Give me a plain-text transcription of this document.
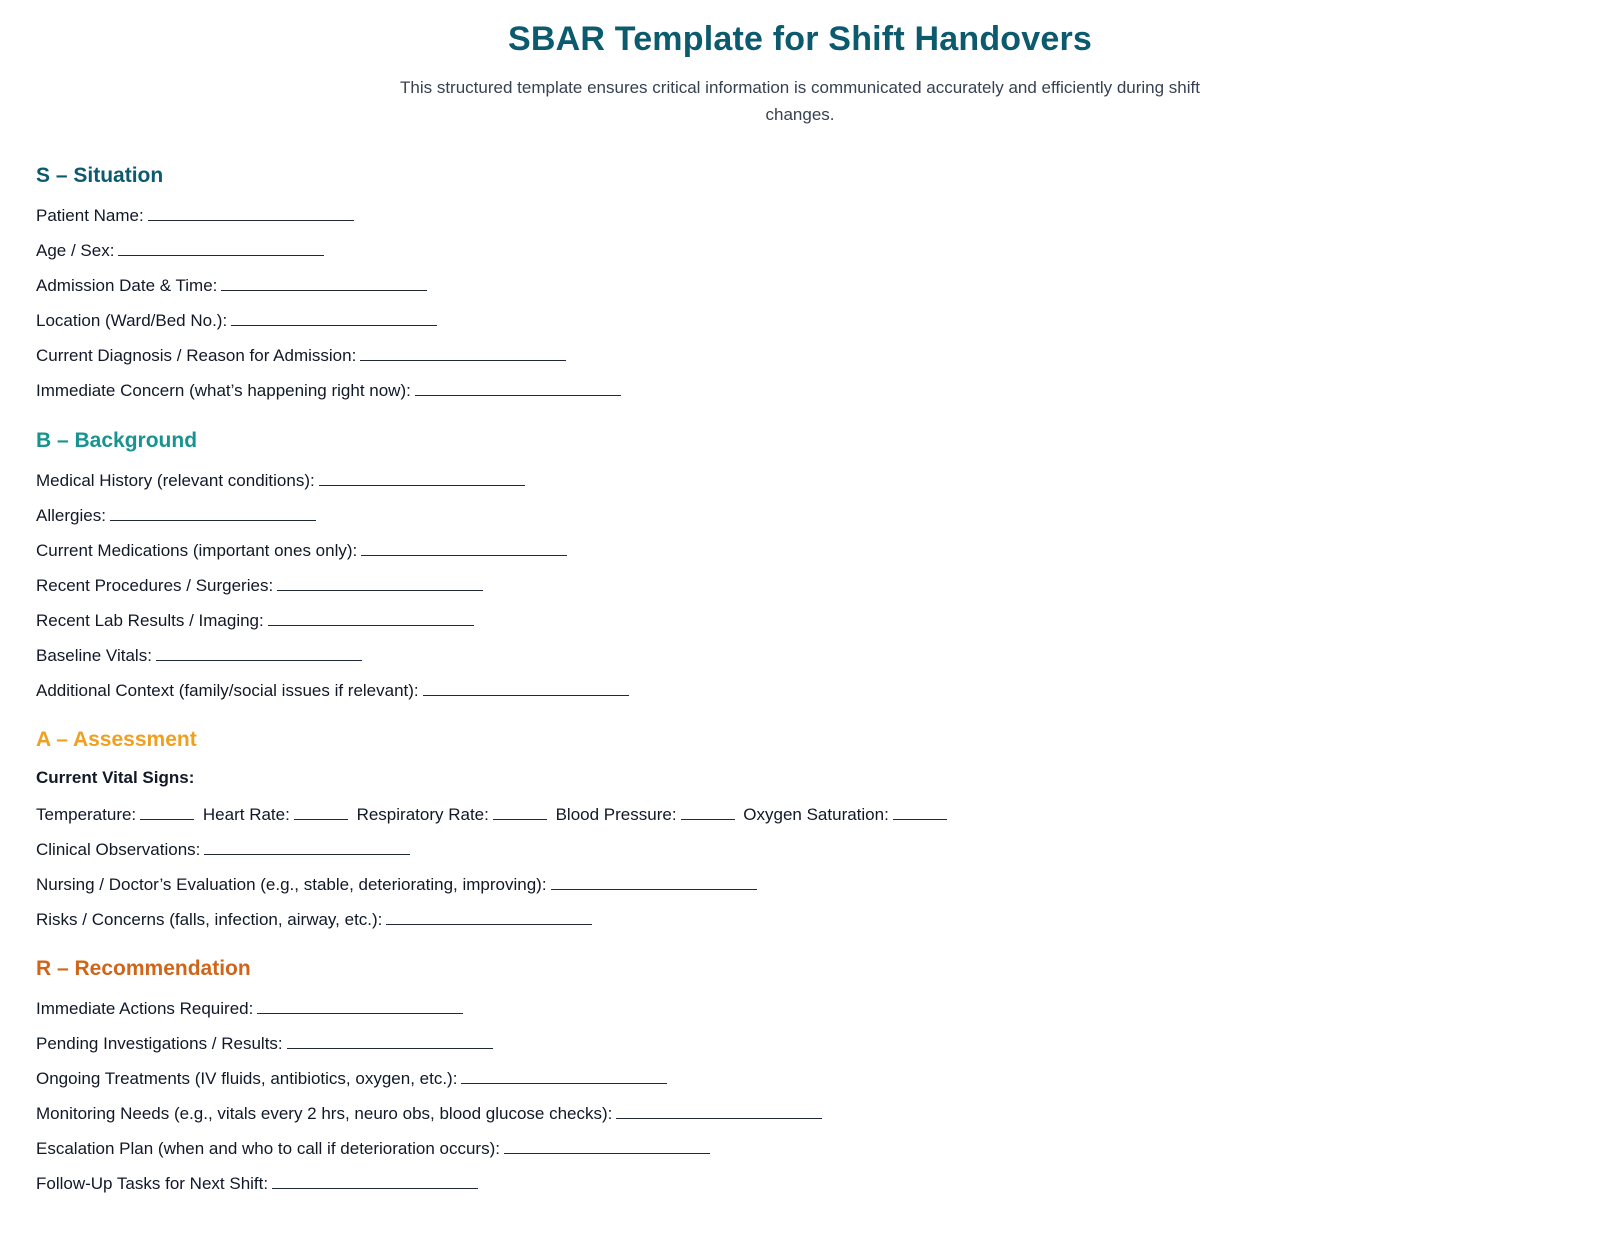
SBAR Template for Shift Handovers

This structured template ensures critical information is communicated accurately and efficiently during shift changes.

S – Situation
Patient Name:
Age / Sex:
Admission Date & Time:
Location (Ward/Bed No.):
Current Diagnosis / Reason for Admission:
Immediate Concern (what’s happening right now):
B – Background
Medical History (relevant conditions):
Allergies:
Current Medications (important ones only):
Recent Procedures / Surgeries:
Recent Lab Results / Imaging:
Baseline Vitals:
Additional Context (family/social issues if relevant):
A – Assessment
Current Vital Signs:
Temperature:	Heart Rate:	Respiratory Rate:	Blood Pressure:	Oxygen Saturation:
Clinical Observations:
Nursing / Doctor’s Evaluation (e.g., stable, deteriorating, improving):
Risks / Concerns (falls, infection, airway, etc.):
R – Recommendation
Immediate Actions Required:
Pending Investigations / Results:
Ongoing Treatments (IV fluids, antibiotics, oxygen, etc.):
Monitoring Needs (e.g., vitals every 2 hrs, neuro obs, blood glucose checks):
Escalation Plan (when and who to call if deterioration occurs):
Follow-Up Tasks for Next Shift:
